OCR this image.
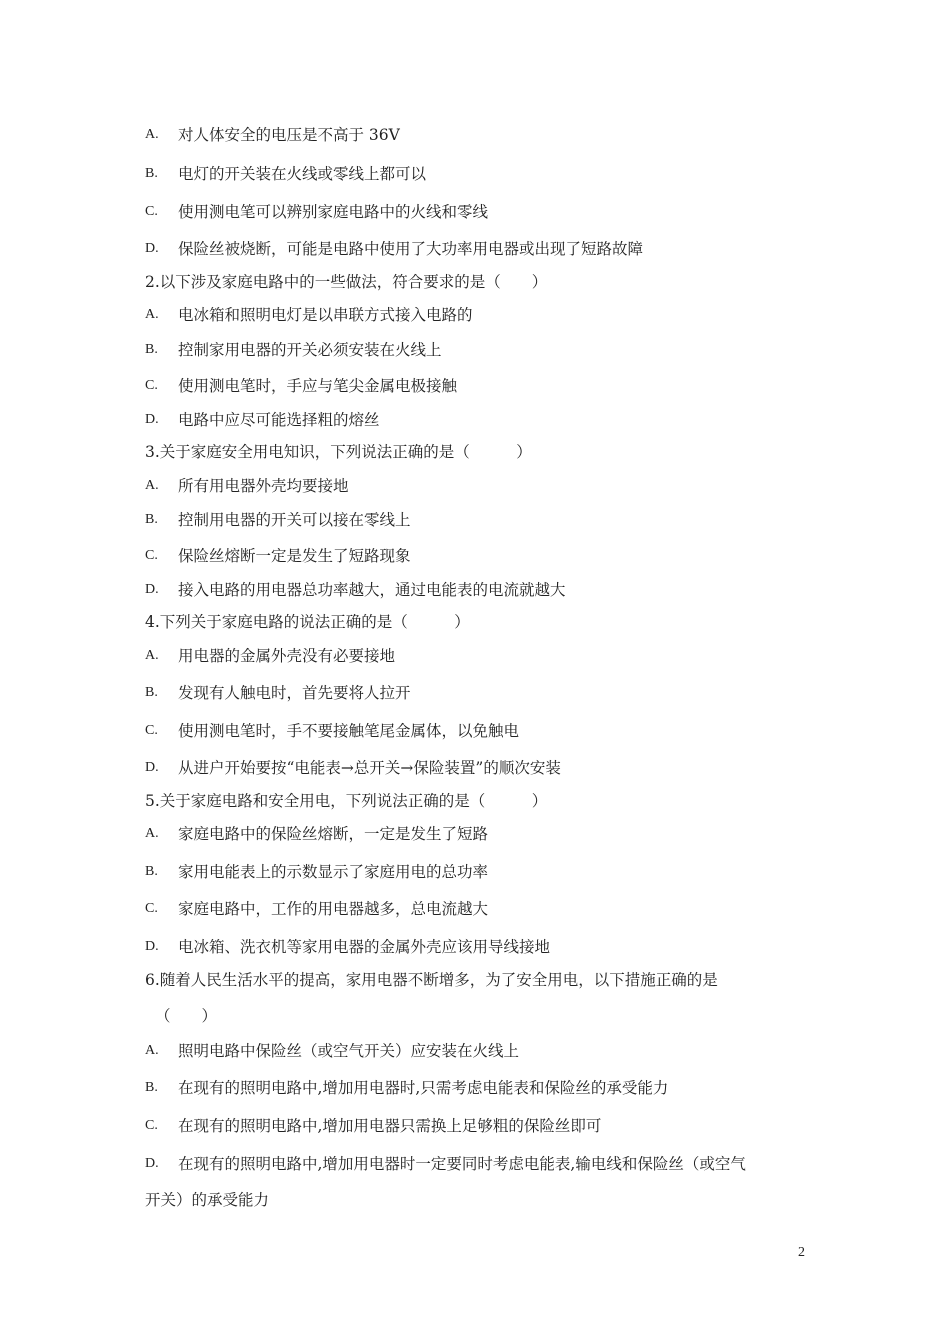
A. 对人体安全的电压是不高于 36V
B. 电灯的开关装在火线或零线上都可以
C. 使用测电笔可以辨别家庭电路中的火线和零线
D. 保险丝被烧断，可能是电路中使用了大功率用电器或出现了短路故障
2.以下涉及家庭电路中的一些做法，符合要求的是（　　）
A. 电冰箱和照明电灯是以串联方式接入电路的
B. 控制家用电器的开关必须安装在火线上
C. 使用测电笔时，手应与笔尖金属电极接触
D. 电路中应尽可能选择粗的熔丝
3.关于家庭安全用电知识，下列说法正确的是（　　　）
A. 所有用电器外壳均要接地
B. 控制用电器的开关可以接在零线上
C. 保险丝熔断一定是发生了短路现象
D. 接入电路的用电器总功率越大，通过电能表的电流就越大
4.下列关于家庭电路的说法正确的是（　　　）
A. 用电器的金属外壳没有必要接地
B. 发现有人触电时，首先要将人拉开
C. 使用测电笔时，手不要接触笔尾金属体，以免触电
D. 从进户开始要按“电能表→总开关→保险装置”的顺次安装
5.关于家庭电路和安全用电，下列说法正确的是（　　　）
A. 家庭电路中的保险丝熔断，一定是发生了短路
B. 家用电能表上的示数显示了家庭用电的总功率
C. 家庭电路中，工作的用电器越多，总电流越大
D. 电冰箱、洗衣机等家用电器的金属外壳应该用导线接地
6.随着人民生活水平的提高，家用电器不断增多，为了安全用电，以下措施正确的是
（　　）
A. 照明电路中保险丝（或空气开关）应安装在火线上
B. 在现有的照明电路中,增加用电器时,只需考虑电能表和保险丝的承受能力
C. 在现有的照明电路中,增加用电器只需换上足够粗的保险丝即可
D. 在现有的照明电路中,增加用电器时一定要同时考虑电能表,输电线和保险丝（或空气
开关）的承受能力
2
